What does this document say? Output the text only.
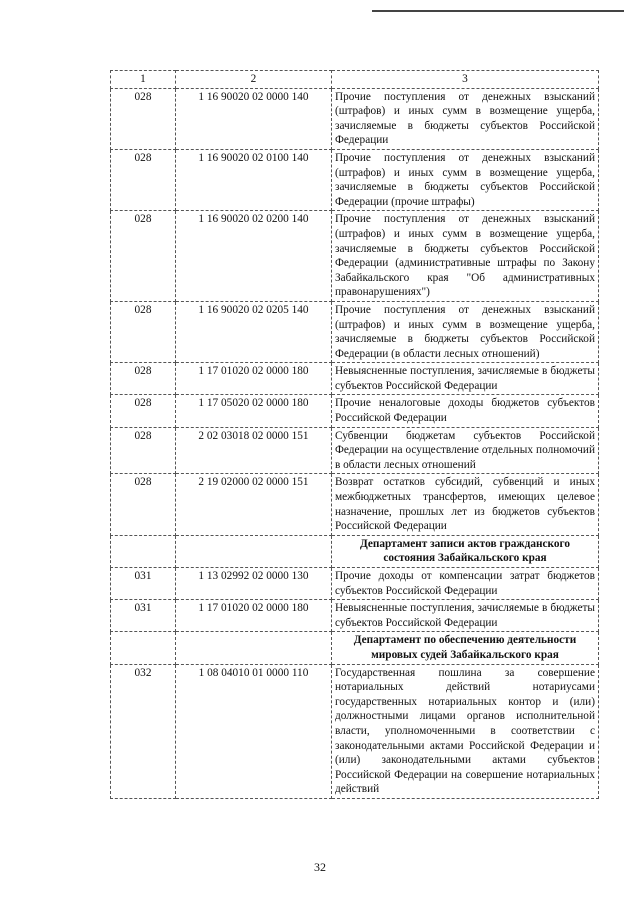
1	2	3
028	1 16 90020 02 0000 140	Прочие поступления от денежных взысканий (штрафов) и иных сумм в возмещение ущерба, зачисляемые в бюджеты субъектов Российской Федерации
028	1 16 90020 02 0100 140	Прочие поступления от денежных взысканий (штрафов) и иных сумм в возмещение ущерба, зачисляемые в бюджеты субъектов Российской Федерации (прочие штрафы)
028	1 16 90020 02 0200 140	Прочие поступления от денежных взысканий (штрафов) и иных сумм в возмещение ущерба, зачисляемые в бюджеты субъектов Российской Федерации (административные штрафы по Закону Забайкальского края "Об административных правонарушениях")
028	1 16 90020 02 0205 140	Прочие поступления от денежных взысканий (штрафов) и иных сумм в возмещение ущерба, зачисляемые в бюджеты субъектов Российской Федерации (в области лесных отношений)
028	1 17 01020 02 0000 180	Невыясненные поступления, зачисляемые в бюджеты субъектов Российской Федерации
028	1 17 05020 02 0000 180	Прочие неналоговые доходы бюджетов субъектов Российской Федерации
028	2 02 03018 02 0000 151	Субвенции бюджетам субъектов Российской Федерации на осуществление отдельных полномочий в области лесных отношений
028	2 19 02000 02 0000 151	Возврат остатков субсидий, субвенций и иных межбюджетных трансфертов, имеющих целевое назначение, прошлых лет из бюджетов субъектов Российской Федерации
		Департамент записи актов гражданского состояния Забайкальского края
031	1 13 02992 02 0000 130	Прочие доходы от компенсации затрат бюджетов субъектов Российской Федерации
031	1 17 01020 02 0000 180	Невыясненные поступления, зачисляемые в бюджеты субъектов Российской Федерации
		Департамент по обеспечению деятельности мировых судей Забайкальского края
032	1 08 04010 01 0000 110	Государственная пошлина за совершение нотариальных действий нотариусами государственных нотариальных контор и (или) должностными лицами органов исполнительной власти, уполномоченными в соответствии с законодательными актами Российской Федерации и (или) законодательными актами субъектов Российской Федерации на совершение нотариальных действий
32
